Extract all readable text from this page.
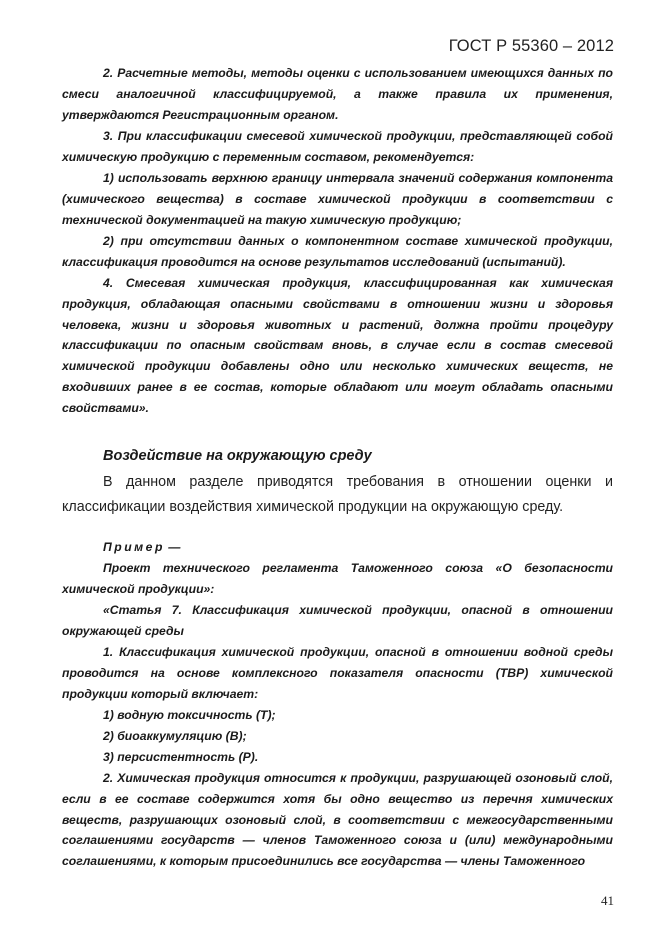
ГОСТ Р 55360 – 2012

2. Расчетные методы, методы оценки с использованием имеющихся данных по смеси аналогичной классифицируемой, а также правила их применения, утверждаются Регистрационным органом.

3. При классификации смесевой химической продукции, представляющей собой химическую продукцию с переменным составом, рекомендуется:

1) использовать верхнюю границу интервала значений содержания компонента (химического вещества) в составе химической продукции в соответствии с технической документацией на такую химическую продукцию;

2) при отсутствии данных о компонентном составе химической продукции, классификация проводится на основе результатов исследований (испытаний).

4. Смесевая химическая продукция, классифицированная как химическая продукция, обладающая опасными свойствами в отношении жизни и здоровья человека, жизни и здоровья животных и растений, должна пройти процедуру классификации по опасным свойствам вновь, в случае если в состав смесевой химической продукции добавлены одно или несколько химических веществ, не входивших ранее в ее состав, которые обладают или могут обладать опасными свойствами».

Воздействие на окружающую среду

В данном разделе приводятся требования в отношении оценки и классификации воздействия химической продукции на окружающую среду.

Пример —

Проект технического регламента Таможенного союза «О безопасности химической продукции»:

«Статья 7. Классификация химической продукции, опасной в отношении окружающей среды

1. Классификация химической продукции, опасной в отношении водной среды проводится на основе комплексного показателя опасности (ТВР) химической продукции который включает:

1) водную токсичность (Т);

2) биоаккумуляцию (В);

3) персистентность (Р).

2. Химическая продукция относится к продукции, разрушающей озоновый слой, если в ее составе содержится хотя бы одно вещество из перечня химических веществ, разрушающих озоновый слой, в соответствии с межгосударственными соглашениями государств — членов Таможенного союза и (или) международными соглашениями, к которым присоединились все государства — члены Таможенного

41
